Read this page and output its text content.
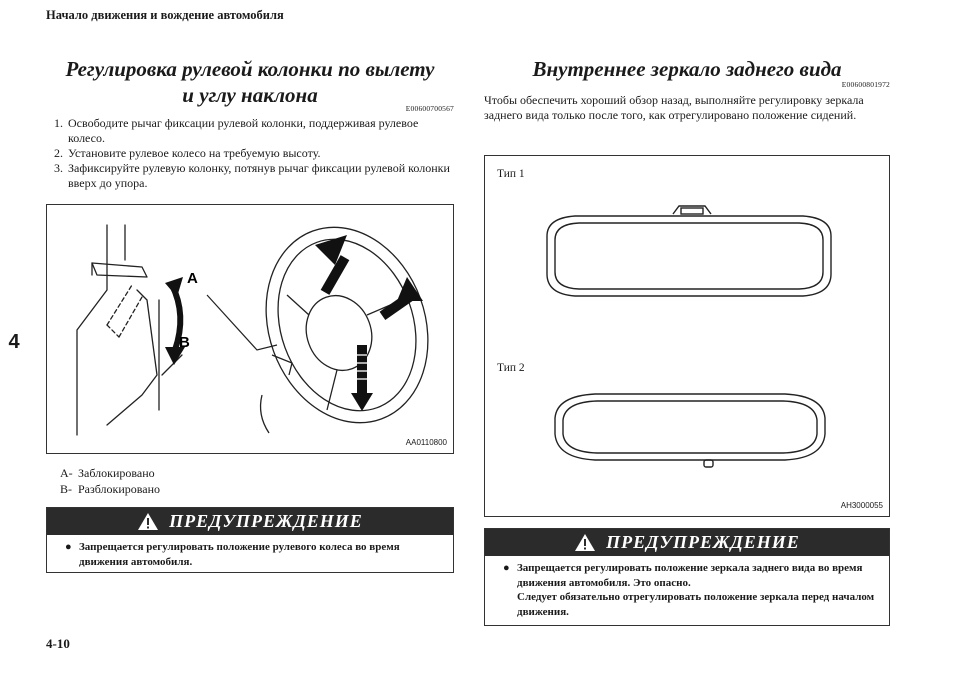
Начало движения и вождение автомобиля
4
4-10
Регулировка рулевой колонки по вылету
и углу наклона
E00600700567
1. Освободите рычаг фиксации рулевой колонки, поддерживая рулевое колесо.
2. Установите рулевое колесо на требуемую высоту.
3. Зафиксируйте рулевую колонку, потянув рычаг фиксации рулевой колонки вверх до упора.
A
B
AA0110800
A- Заблокировано
B- Разблокировано
ПРЕДУПРЕЖДЕНИЕ
● Запрещается регулировать положение рулевого колеса во время движения автомобиля.
Внутреннее зеркало заднего вида
E00600801972
Чтобы обеспечить хороший обзор назад, выполняйте регулировку зеркала заднего вида только после того, как отрегулировано положение сидений.
Тип 1
Тип 2
AH3000055
ПРЕДУПРЕЖДЕНИЕ
● Запрещается регулировать положение зеркала заднего вида во время движения автомобиля. Это опасно.
Следует обязательно отрегулировать положение зеркала перед началом движения.
